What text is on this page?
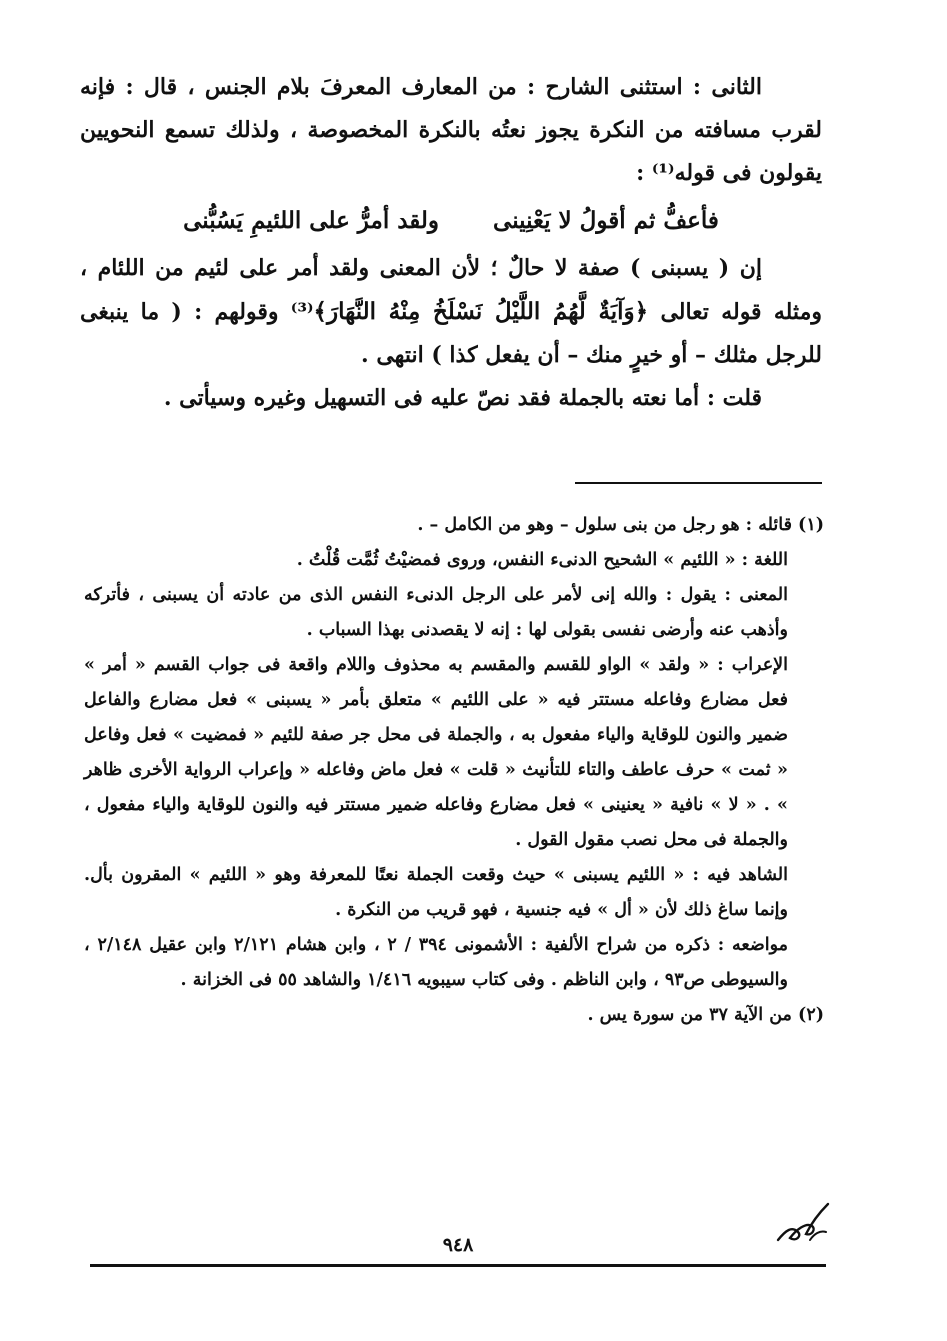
الثانى : استثنى الشارح : من المعارف المعرفَ بلام الجنس ، قال : فإنه لقرب مسافته من النكرة يجوز نعتُه بالنكرة المخصوصة ، ولذلك تسمع النحويين يقولون فى قوله⁽¹⁾ :

ولقد أمرُّ على اللئيمِ يَسُبُّنى فأعفُّ ثم أقولُ لا يَعْنِينى

إن ( يسبنى ) صفة لا حالٌ ؛ لأن المعنى ولقد أمر على لئيم من اللئام ، ومثله قوله تعالى ﴿وَآيَةٌ لَّهُمُ اللَّيْلُ نَسْلَخُ مِنْهُ النَّهَارَ﴾⁽³⁾ وقولهم : ( ما ينبغى للرجل مثلك – أو خيرٍ منك – أن يفعل كذا ) انتهى .

قلت : أما نعته بالجملة فقد نصّ عليه فى التسهيل وغيره وسيأتى .

(١) قائله : هو رجل من بنى سلول – وهو من الكامل – .

اللغة : « اللئيم » الشحيح الدنىء النفس، وروى فمضيْتُ ثُمَّت قُلْتُ .

المعنى : يقول : والله إنى لأمر على الرجل الدنىء النفس الذى من عادته أن يسبنى ، فأتركه وأذهب عنه وأرضى نفسى بقولى لها : إنه لا يقصدنى بهذا السباب .

الإعراب : « ولقد » الواو للقسم والمقسم به محذوف واللام واقعة فى جواب القسم « أمر » فعل مضارع وفاعله مستتر فيه « على اللئيم » متعلق بأمر « يسبنى » فعل مضارع والفاعل ضمير والنون للوقاية والياء مفعول به ، والجملة فى محل جر صفة للئيم « فمضيت » فعل وفاعل « ثمت » حرف عاطف والتاء للتأنيث « قلت » فعل ماض وفاعله « وإعراب الرواية الأخرى ظاهر » . « لا » نافية « يعنينى » فعل مضارع وفاعله ضمير مستتر فيه والنون للوقاية والياء مفعول ، والجملة فى محل نصب مقول القول .

الشاهد فيه : « اللئيم يسبنى » حيث وقعت الجملة نعتًا للمعرفة وهو « اللئيم » المقرون بأل. وإنما ساغ ذلك لأن « أل » فيه جنسية ، فهو قريب من النكرة .

مواضعه : ذكره من شراح الألفية : الأشمونى ٣٩٤ / ٢ ، وابن هشام ٢/١٢١ وابن عقيل ٢/١٤٨ ، والسيوطى ص٩٣ ، وابن الناظم . وفى كتاب سيبويه ١/٤١٦ والشاهد ٥٥ فى الخزانة .

(٢) من الآية ٣٧ من سورة يس .

٩٤٨
